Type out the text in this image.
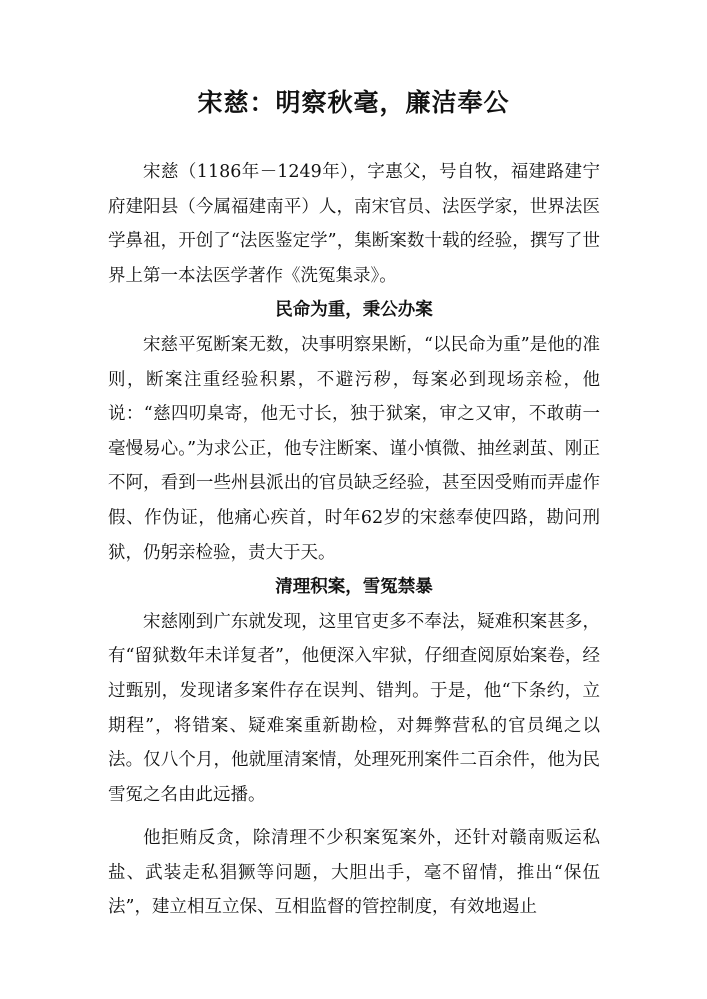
宋慈：明察秋毫，廉洁奉公

宋慈（1186年－1249年），字惠父，号自牧，福建路建宁府建阳县（今属福建南平）人，南宋官员、法医学家，世界法医学鼻祖，开创了“法医鉴定学”，集断案数十载的经验，撰写了世界上第一本法医学著作《洗冤集录》。

民命为重，秉公办案

宋慈平冤断案无数，决事明察果断，“以民命为重”是他的准则，断案注重经验积累，不避污秽，每案必到现场亲检，他说：“慈四叨臬寄，他无寸长，独于狱案，审之又审，不敢萌一毫慢易心。”为求公正，他专注断案、谨小慎微、抽丝剥茧、刚正不阿，看到一些州县派出的官员缺乏经验，甚至因受贿而弄虚作假、作伪证，他痛心疾首，时年62岁的宋慈奉使四路，勘问刑狱，仍躬亲检验，责大于天。

清理积案，雪冤禁暴

宋慈刚到广东就发现，这里官吏多不奉法，疑难积案甚多，有“留狱数年未详复者”，他便深入牢狱，仔细查阅原始案卷，经过甄别，发现诸多案件存在误判、错判。于是，他“下条约，立期程”，将错案、疑难案重新勘检，对舞弊营私的官员绳之以法。仅八个月，他就厘清案情，处理死刑案件二百余件，他为民雪冤之名由此远播。

他拒贿反贪，除清理不少积案冤案外，还针对赣南贩运私盐、武装走私猖獗等问题，大胆出手，毫不留情，推出“保伍法”，建立相互立保、互相监督的管控制度，有效地遏止
